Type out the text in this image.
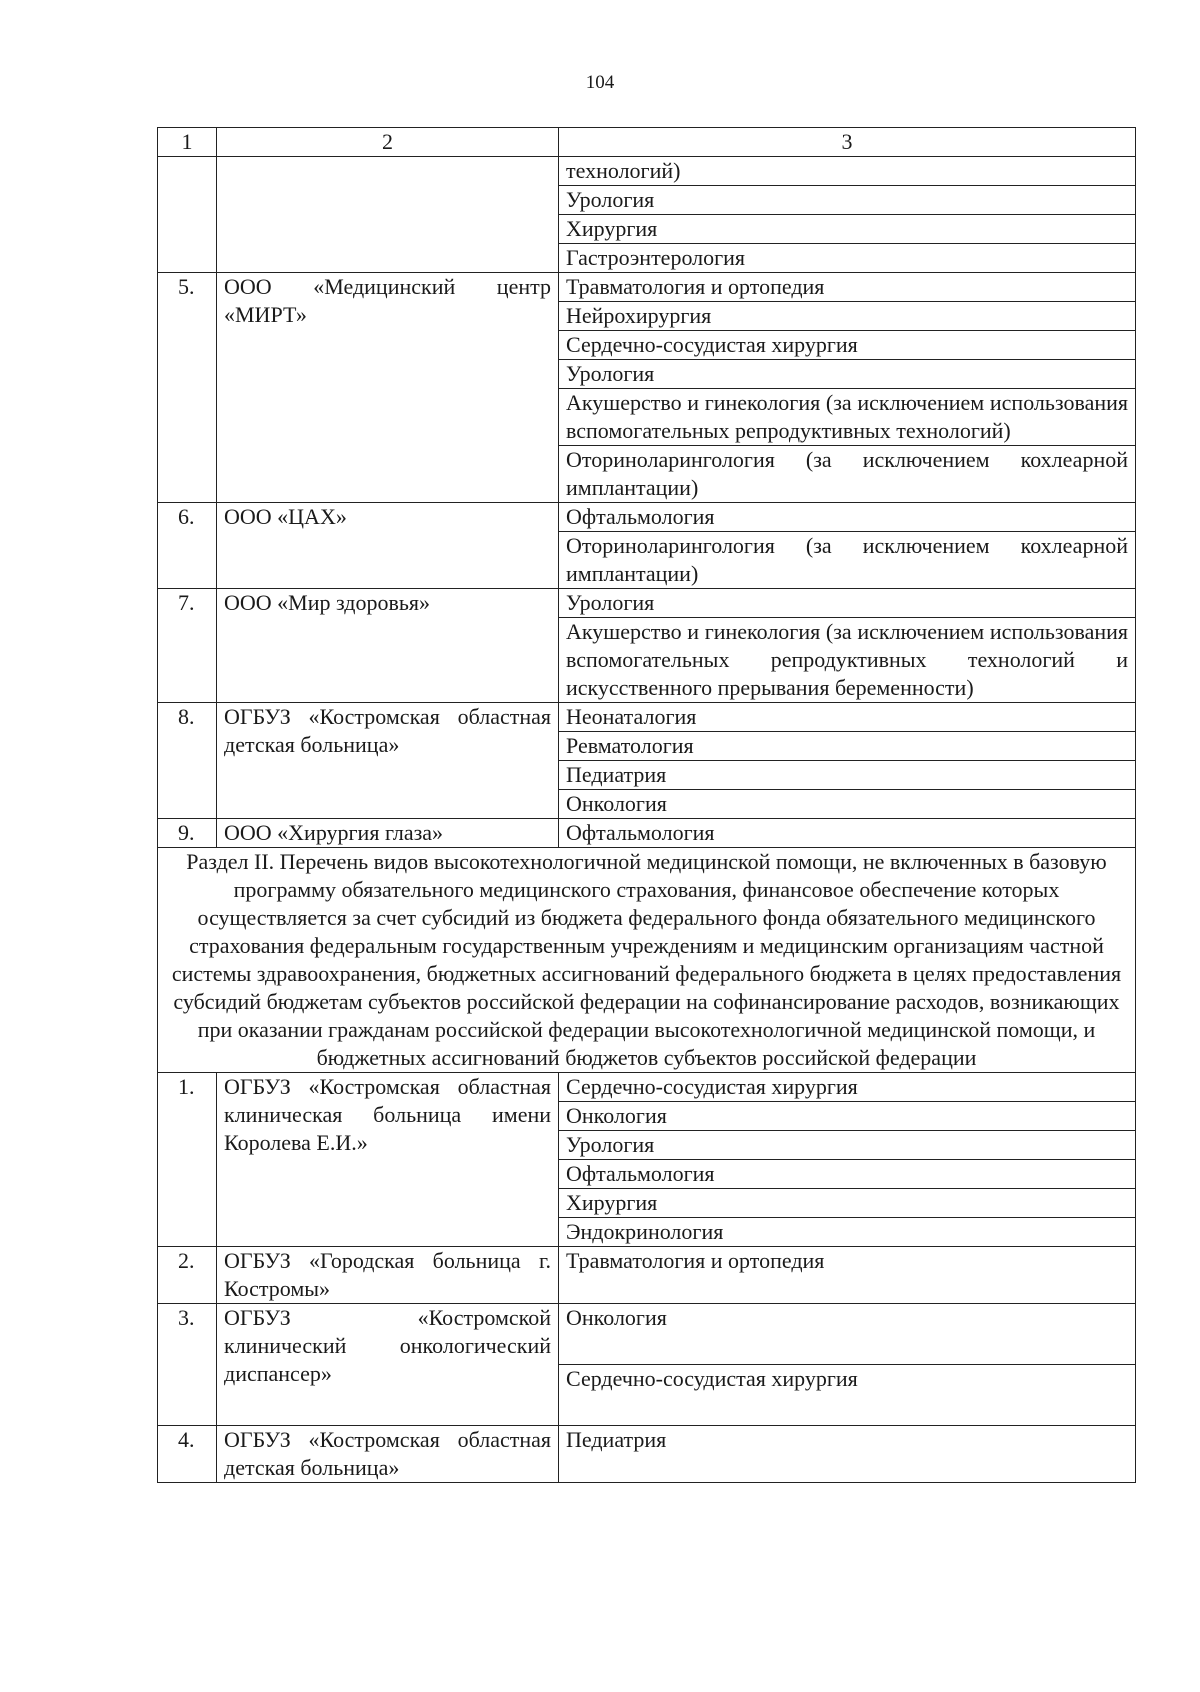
104
1	2	3
		технологий)
		Урология
		Хирургия
		Гастроэнтерология
5.	ООО «Медицинский центр «МИРТ»	Травматология и ортопедия
		Нейрохирургия
		Сердечно-сосудистая хирургия
		Урология
		Акушерство и гинекология (за исключением использования вспомогательных репродуктивных технологий)
		Оториноларингология (за исключением кохлеарной имплантации)
6.	ООО «ЦАХ»	Офтальмология
		Оториноларингология (за исключением кохлеарной имплантации)
7.	ООО «Мир здоровья»	Урология
		Акушерство и гинекология (за исключением использования вспомогательных репродуктивных технологий и искусственного прерывания беременности)
8.	ОГБУЗ «Костромская областная детская больница»	Неонаталогия
		Ревматология
		Педиатрия
		Онкология
9.	ООО «Хирургия глаза»	Офтальмология
Раздел II. Перечень видов высокотехнологичной медицинской помощи, не включенных в базовую программу обязательного медицинского страхования, финансовое обеспечение которых осуществляется за счет субсидий из бюджета федерального фонда обязательного медицинского страхования федеральным государственным учреждениям и медицинским организациям частной системы здравоохранения, бюджетных ассигнований федерального бюджета в целях предоставления субсидий бюджетам субъектов российской федерации на софинансирование расходов, возникающих при оказании гражданам российской федерации высокотехнологичной медицинской помощи, и бюджетных ассигнований бюджетов субъектов российской федерации		
1.	ОГБУЗ «Костромская областная клиническая больница имени Королева Е.И.»	Сердечно-сосудистая хирургия
		Онкология
		Урология
		Офтальмология
		Хирургия
		Эндокринология
2.	ОГБУЗ «Городская больница г. Костромы»	Травматология и ортопедия
3.	ОГБУЗ «Костромской клинический онкологический диспансер»	Онкология
		Сердечно-сосудистая хирургия
4.	ОГБУЗ «Костромская областная детская больница»	Педиатрия
